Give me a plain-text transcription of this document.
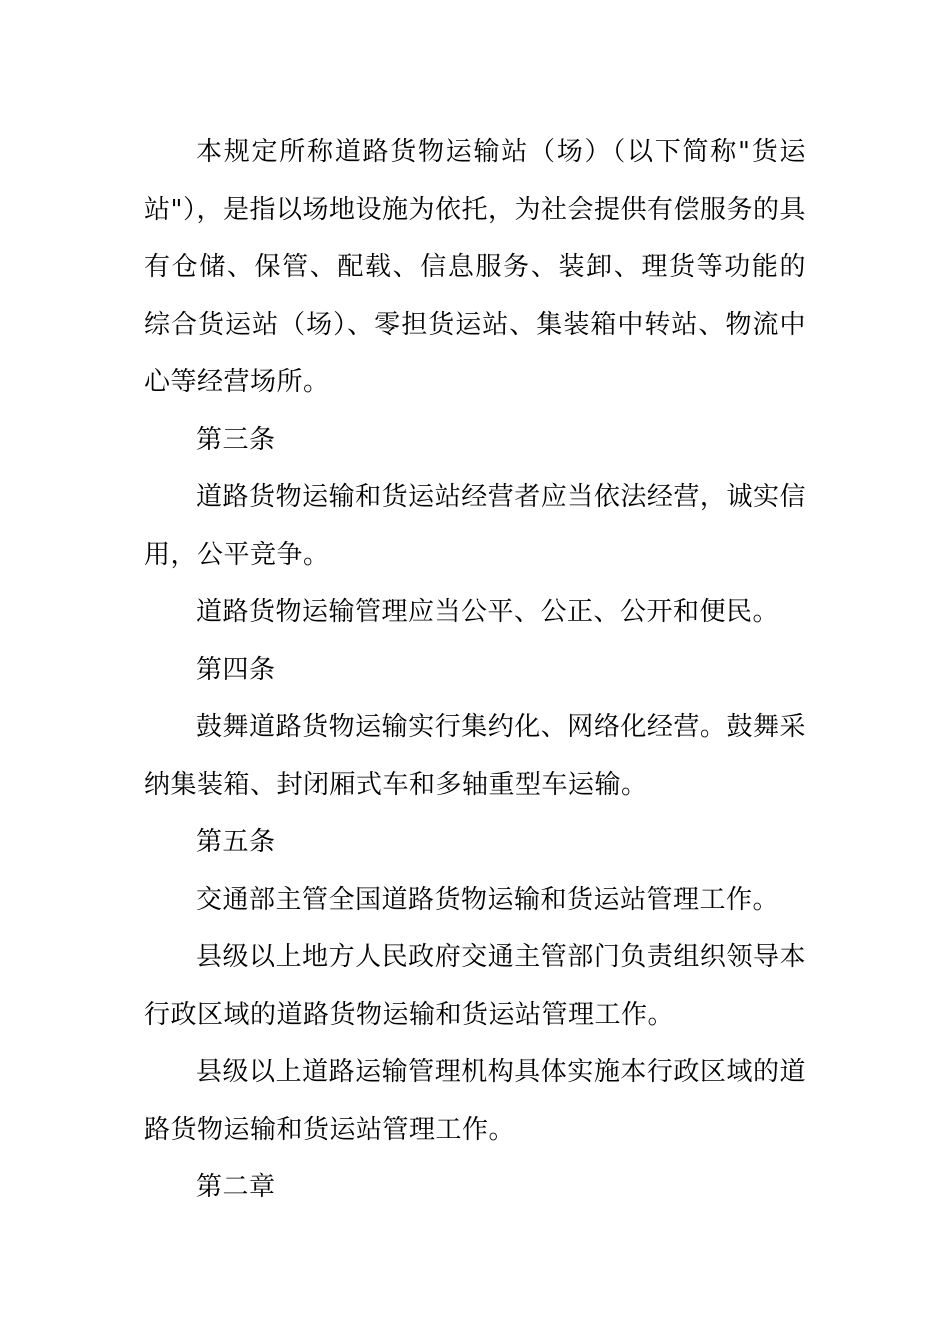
本规定所称道路货物运输站（场）（以下简称"货运站"），是指以场地设施为依托，为社会提供有偿服务的具有仓储、保管、配载、信息服务、装卸、理货等功能的综合货运站（场）、零担货运站、集装箱中转站、物流中心等经营场所。

第三条

道路货物运输和货运站经营者应当依法经营，诚实信用，公平竞争。

道路货物运输管理应当公平、公正、公开和便民。

第四条

鼓舞道路货物运输实行集约化、网络化经营。鼓舞采纳集装箱、封闭厢式车和多轴重型车运输。

第五条

交通部主管全国道路货物运输和货运站管理工作。

县级以上地方人民政府交通主管部门负责组织领导本行政区域的道路货物运输和货运站管理工作。

县级以上道路运输管理机构具体实施本行政区域的道路货物运输和货运站管理工作。

第二章
